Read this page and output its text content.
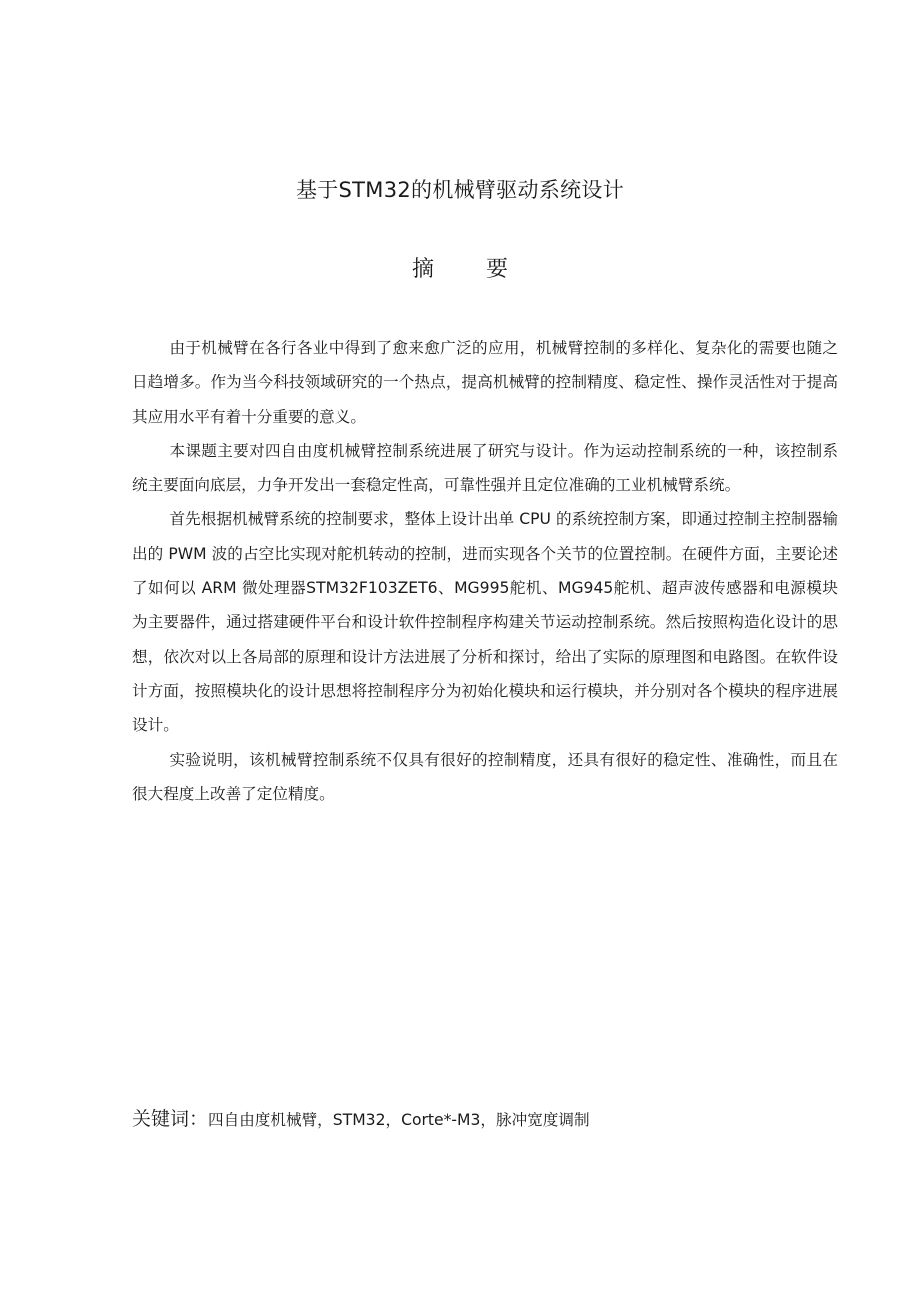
基于STM32的机械臂驱动系统设计
摘要

由于机械臂在各行各业中得到了愈来愈广泛的应用，机械臂控制的多样化、复杂化的需要也随之日趋增多。作为当今科技领域研究的一个热点，提高机械臂的控制精度、稳定性、操作灵活性对于提高其应用水平有着十分重要的意义。

本课题主要对四自由度机械臂控制系统进展了研究与设计。作为运动控制系统的一种，该控制系统主要面向底层，力争开发出一套稳定性高，可靠性强并且定位准确的工业机械臂系统。

首先根据机械臂系统的控制要求，整体上设计出单 CPU 的系统控制方案，即通过控制主控制器输出的 PWM 波的占空比实现对舵机转动的控制，进而实现各个关节的位置控制。在硬件方面，主要论述了如何以 ARM 微处理器STM32F103ZET6、MG995舵机、MG945舵机、超声波传感器和电源模块为主要器件，通过搭建硬件平台和设计软件控制程序构建关节运动控制系统。然后按照构造化设计的思想，依次对以上各局部的原理和设计方法进展了分析和探讨，给出了实际的原理图和电路图。在软件设计方面，按照模块化的设计思想将控制程序分为初始化模块和运行模块，并分别对各个模块的程序进展设计。

实验说明，该机械臂控制系统不仅具有很好的控制精度，还具有很好的稳定性、准确性，而且在很大程度上改善了定位精度。

关键词：四自由度机械臂，STM32，Corte*-M3，脉冲宽度调制
